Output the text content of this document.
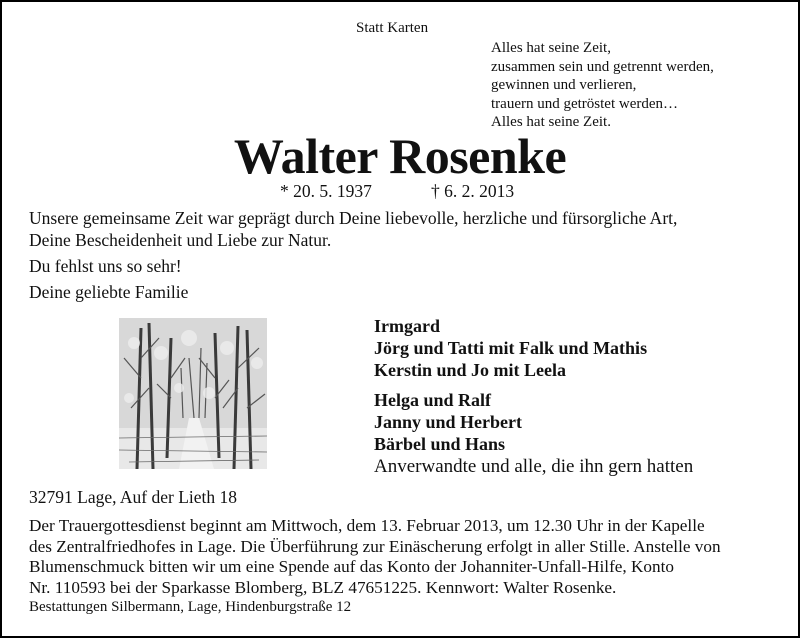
Statt Karten
Alles hat seine Zeit,
zusammen sein und getrennt werden,
gewinnen und verlieren,
trauern und getröstet werden…
Alles hat seine Zeit.
Walter Rosenke
* 20. 5. 1937	† 6. 2. 2013
Unsere gemeinsame Zeit war geprägt durch Deine liebevolle, herzliche und fürsorgliche Art,
Deine Bescheidenheit und Liebe zur Natur.
Du fehlst uns so sehr!
Deine geliebte Familie
Irmgard
Jörg und Tatti mit Falk und Mathis
Kerstin und Jo mit Leela
Helga und Ralf
Janny und Herbert
Bärbel und Hans
Anverwandte und alle, die ihn gern hatten
32791 Lage, Auf der Lieth 18
Der Trauergottesdienst beginnt am Mittwoch, dem 13. Februar 2013, um 12.30 Uhr in der Kapelle
des Zentralfriedhofes in Lage. Die Überführung zur Einäscherung erfolgt in aller Stille. Anstelle von
Blumenschmuck bitten wir um eine Spende auf das Konto der Johanniter-Unfall-Hilfe, Konto
Nr. 110593 bei der Sparkasse Blomberg, BLZ 47651225. Kennwort: Walter Rosenke.
Bestattungen Silbermann, Lage, Hindenburgstraße 12
